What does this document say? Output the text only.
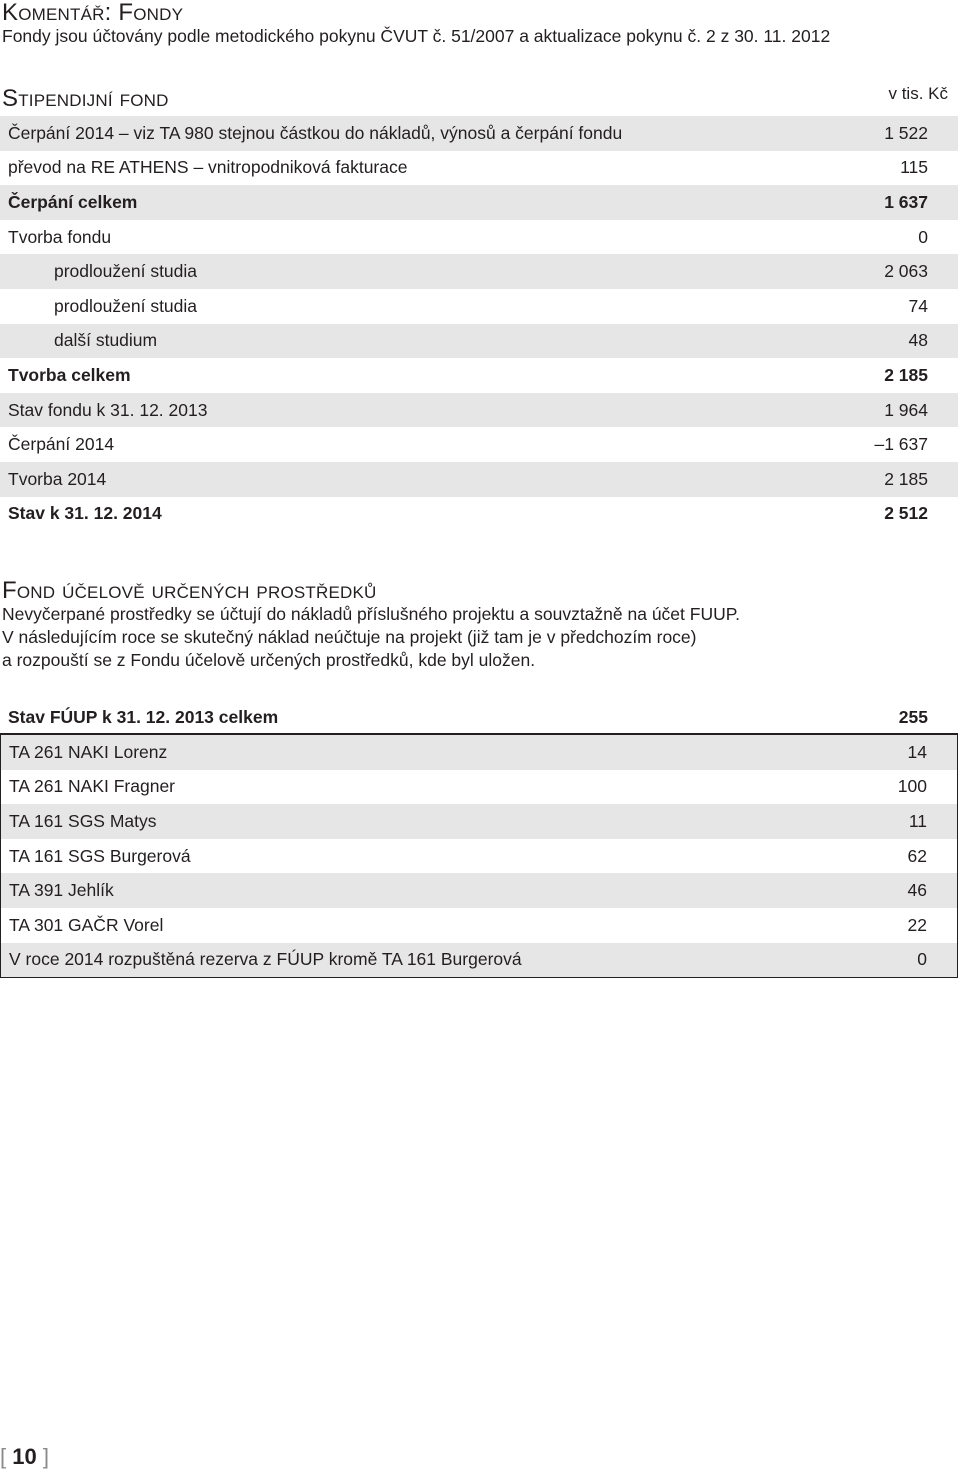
Komentář: Fondy

Fondy jsou účtovány podle metodického pokynu ČVUT č. 51/2007 a aktualizace pokynu č. 2 z 30. 11. 2012

Stipendijní fond	v tis. Kč
Čerpání 2014 – viz TA 980 stejnou částkou do nákladů, výnosů a čerpání fondu	1 522
převod na RE ATHENS – vnitropodniková fakturace	115
Čerpání celkem	1 637
Tvorba fondu	0
prodloužení studia	2 063
prodloužení studia	74
další studium	48
Tvorba celkem	2 185
Stav fondu k 31. 12. 2013	1 964
Čerpání 2014	–1 637
Tvorba 2014	2 185
Stav k 31. 12. 2014	2 512
Fond účelově určených prostředků

Nevyčerpané prostředky se účtují do nákladů příslušného projektu a souvztažně na účet FUUP.

V následujícím roce se skutečný náklad neúčtuje na projekt (již tam je v předchozím roce)

a rozpouští se z Fondu účelově určených prostředků, kde byl uložen.

Stav FÚUP k 31. 12. 2013 celkem	255
TA 261 NAKI Lorenz	14
TA 261 NAKI Fragner	100
TA 161 SGS Matys	11
TA 161 SGS Burgerová	62
TA 391 Jehlík	46
TA 301 GAČR Vorel	22
V roce 2014 rozpuštěná rezerva z FÚUP kromě TA 161 Burgerová	0
[ 10 ]
